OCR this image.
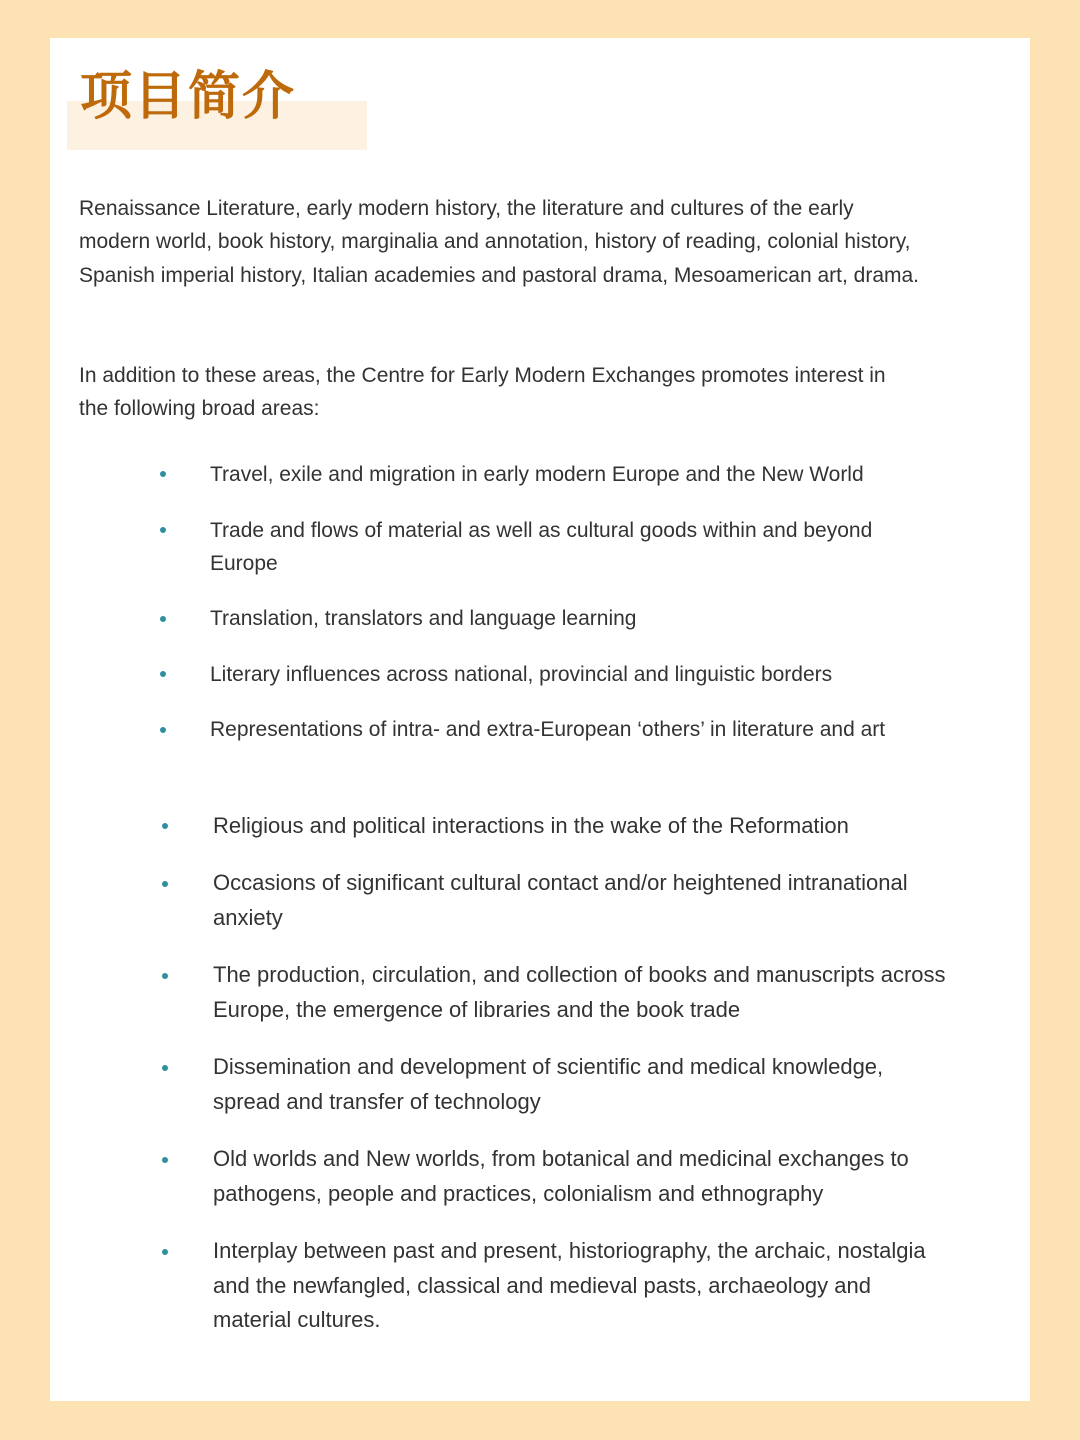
项目简介

Renaissance Literature, early modern history, the literature and cultures of the early modern world, book history, marginalia and annotation, history of reading, colonial history, Spanish imperial history, Italian academies and pastoral drama, Mesoamerican art, drama.

In addition to these areas, the Centre for Early Modern Exchanges promotes interest in the following broad areas:

Travel, exile and migration in early modern Europe and the New World

Trade and flows of material as well as cultural goods within and beyond Europe

Translation, translators and language learning

Literary influences across national, provincial and linguistic borders

Representations of intra- and extra-European ‘others’ in literature and art

Religious and political interactions in the wake of the Reformation

Occasions of significant cultural contact and/or heightened intranational anxiety

The production, circulation, and collection of books and manuscripts across Europe, the emergence of libraries and the book trade

Dissemination and development of scientific and medical knowledge, spread and transfer of technology

Old worlds and New worlds, from botanical and medicinal exchanges to pathogens, people and practices, colonialism and ethnography

Interplay between past and present, historiography, the archaic, nostalgia and the newfangled, classical and medieval pasts, archaeology and material cultures.
